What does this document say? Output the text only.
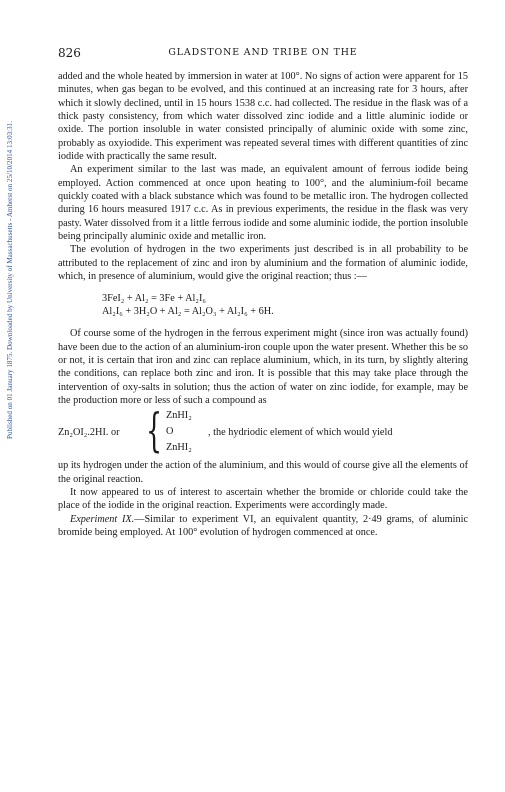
Published on 01 January 1875. Downloaded by University of Massachusetts - Amherst on 25/10/2014 13:03:31.
826	GLADSTONE AND TRIBE ON THE

added and the whole heated by immersion in water at 100°. No signs of action were apparent for 15 minutes, when gas began to be evolved, and this continued at an increasing rate for 3 hours, after which it slowly declined, until in 15 hours 1538 c.c. had collected. The residue in the flask was of a thick pasty consistency, from which water dissolved zinc iodide and a little aluminic iodide or oxide. The portion insoluble in water consisted principally of aluminic oxide with some zinc, probably as oxyiodide. This experiment was repeated several times with different quantities of zinc iodide with practically the same result.

An experiment similar to the last was made, an equivalent amount of ferrous iodide being employed. Action commenced at once upon heating to 100°, and the aluminium-foil became quickly coated with a black substance which was found to be metallic iron. The hydrogen collected during 16 hours measured 1917 c.c. As in previous experiments, the residue in the flask was very pasty. Water dissolved from it a little ferrous iodide and some aluminic iodide, the portion insoluble being principally aluminic oxide and metallic iron.

The evolution of hydrogen in the two experiments just described is in all probability to be attributed to the replacement of zinc and iron by aluminium and the formation of aluminic iodide, which, in presence of aluminium, would give the original reaction; thus :—

3FeI₂ + Al₂ = 3Fe + Al₂I₆
Al₂I₆ + 3H₂O + Al₂ = Al₂O₃ + Al₂I₆ + 6H.

Of course some of the hydrogen in the ferrous experiment might (since iron was actually found) have been due to the action of an aluminium-iron couple upon the water present. Whether this be so or not, it is certain that iron and zinc can replace aluminium, which, in its turn, by slightly altering the conditions, can replace both zinc and iron. It is possible that this may take place through the intervention of oxy-salts in solution; thus the action of water on zinc iodide, for example, may be the production more or less of such a compound as

Zn₂OI₂.2HI. or { ZnHI₂
O
ZnHI₂
, the hydriodic element of which would yield

up its hydrogen under the action of the aluminium, and this would of course give all the elements of the original reaction.

It now appeared to us of interest to ascertain whether the bromide or chloride could take the place of the iodide in the original reaction. Experiments were accordingly made.

Experiment IX.—Similar to experiment VI, an equivalent quantity, 2·49 grams, of aluminic bromide being employed. At 100° evolution of hydrogen commenced at once.
